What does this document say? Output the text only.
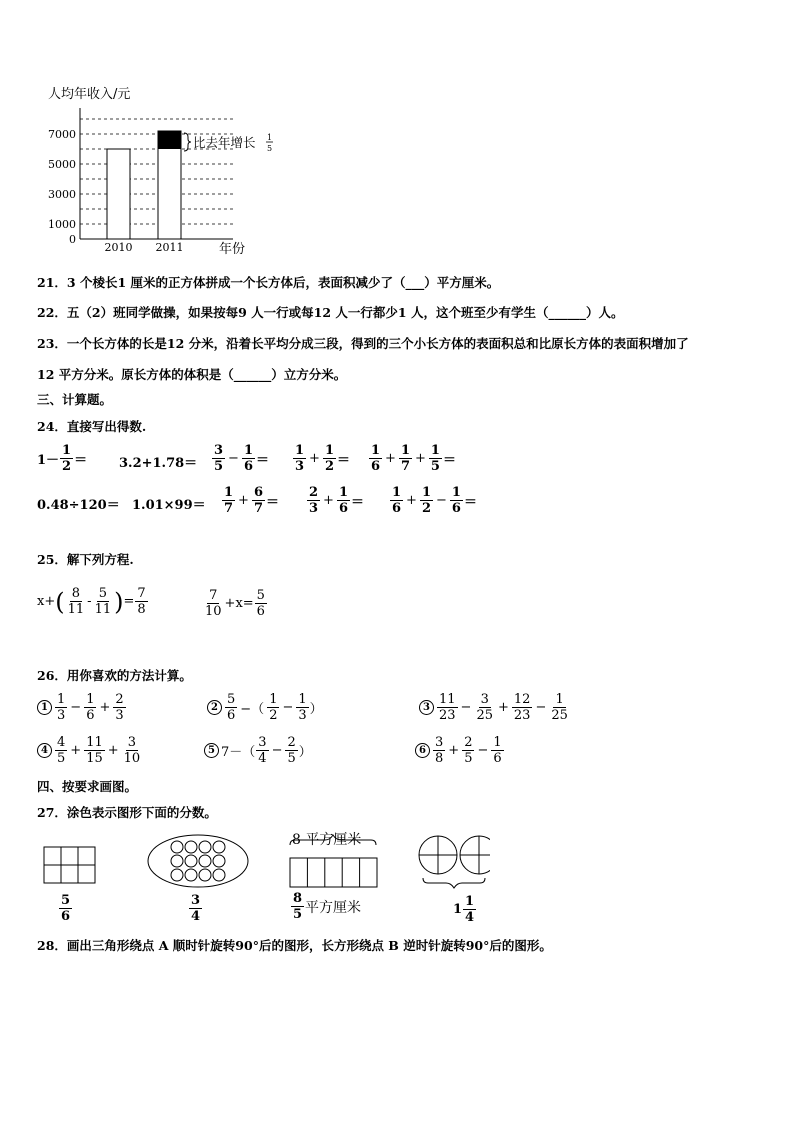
人均年收入/元
7000
5000
3000
1000
0
2010 2011	年份
比去年增长 1
5
21．3 个棱长1 厘米的正方体拼成一个长方体后，表面积减少了（___）平方厘米。
22．五（2）班同学做操，如果按每9 人一行或每12 人一行都少1 人，这个班至少有学生（______）人。
23．一个长方体的长是12 分米，沿着长平均分成三段，得到的三个小长方体的表面积总和比原长方体的表面积增加了
12 平方分米。原长方体的体积是（______）立方分米。
三、计算题。
24．直接写出得数.
$1- \frac{1}{2} = 3.2+1.78= \frac{3}{5} - \frac{1}{6} = \frac{1}{3} + \frac{1}{2} = \frac{1}{6} + \frac{1}{7} + \frac{1}{5}$ ＝
$0.48\div 120= 1.01\times 99= \frac{1}{7} + \frac{6}{7} = \frac{2}{3} + \frac{1}{6} = \frac{1}{6} + \frac{1}{2} - \frac{1}{6}$ ＝
25．解下列方程.
x+ ( $\frac{8}{11} - \frac{5}{11}$ ) = $\frac{7}{8}$	$\frac{7}{10} +x= \frac{5}{6}$
26．用你喜欢的方法计算。
$1 \frac{1}{3} - \frac{1}{6} + \frac{2}{3}$	$2 \frac{5}{6}$ −（ $\frac{1}{2} - \frac{1}{3}$ ）	$3 \frac{11}{23} - \frac{3}{25} + \frac{12}{23} - \frac{1}{25}$
$4 \frac{4}{5} + \frac{11}{15} + \frac{3}{10}$	5 7－ （ $\frac{3}{4} - \frac{2}{5}$ ）	$6 \frac{3}{8} + \frac{2}{5} - \frac{1}{6}$
四、按要求画图。
27．涂色表示图形下面的分数。
8 平方厘米
$\frac{5}{6}$	$\frac{3}{4}$	$\frac{8}{5}$ 平方厘米	$1 \frac{1}{4}$
28．画出三角形绕点 A 顺时针旋转90°后的图形，长方形绕点 B 逆时针旋转90°后的图形。
